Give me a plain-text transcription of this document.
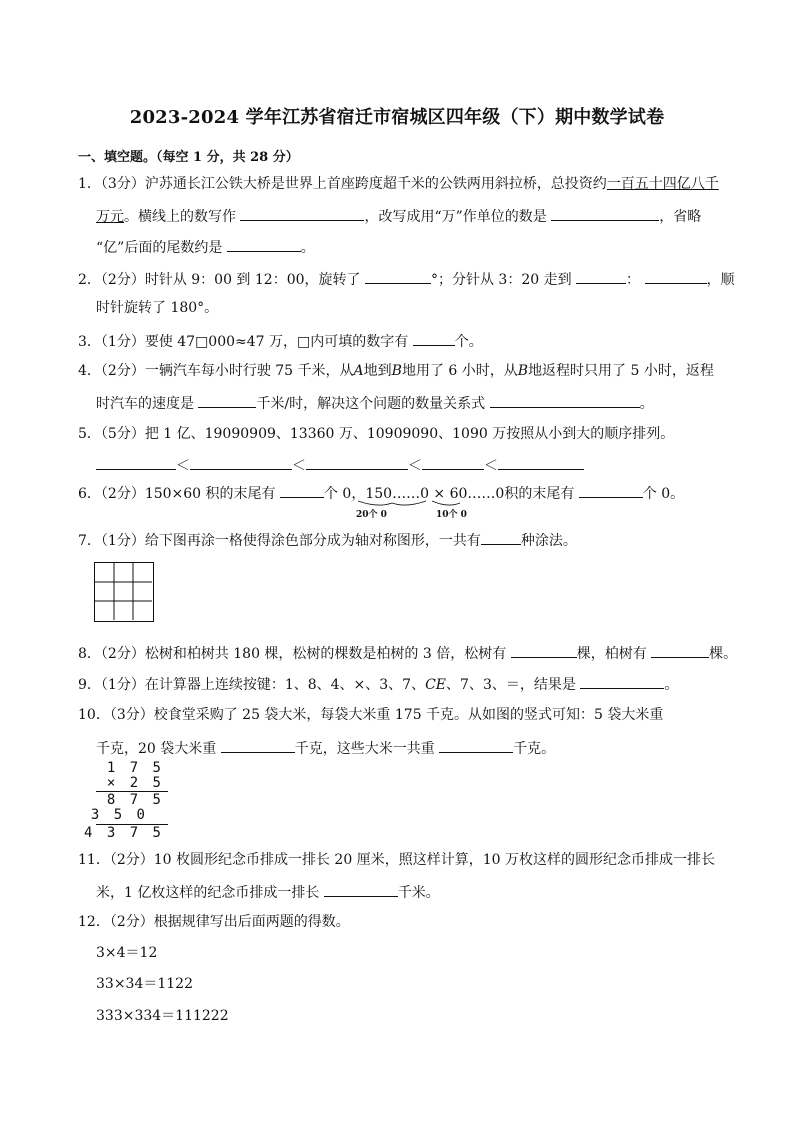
2023-2024 学年江苏省宿迁市宿城区四年级（下）期中数学试卷
一、填空题。（每空 1 分，共 28 分）
1．（3分）沪苏通长江公铁大桥是世界上首座跨度超千米的公铁两用斜拉桥，总投资约一百五十四亿八千
万元。横线上的数写作	，改写成用“万”作单位的数是	，省略
“亿”后面的尾数约是	。
2．（2分）时针从 9：00 到 12：00，旋转了	°；分针从 3：20 走到	：	，顺
时针旋转了 180°。
3．（1分）要使 47□000≈47 万，□内可填的数字有	个。
4．（2分）一辆汽车每小时行驶 75 千米，从A地到B地用了 6 小时，从B地返程时只用了 5 小时，返程
时汽车的速度是	千米/时，解决这个问题的数量关系式	。
5．（5分）把 1 亿、19090909、13360 万、10909090、1090 万按照从小到大的顺序排列。
＜	＜	＜	＜
6．（2分）150×60 积的末尾有	个 0，150……0 × 60……0积的末尾有	个 0。
20个 0	10个 0
7．（1分）给下图再涂一格使得涂色部分成为轴对称图形，一共有	种涂法。
8．（2分）松树和柏树共 180 棵，松树的棵数是柏树的 3 倍，松树有	棵，柏树有	棵。
9．（1分）在计算器上连续按键：1、8、4、×、3、7、CE、7、3、＝，结果是	。
10．（3分）校食堂采购了 25 袋大米，每袋大米重 175 千克。从如图的竖式可知：5 袋大米重
千克，20 袋大米重	千克，这些大米一共重	千克。
1 7 5
× 2 5
8 7 5
3 5 0
4 3 7 5
11．（2分）10 枚圆形纪念币排成一排长 20 厘米，照这样计算，10 万枚这样的圆形纪念币排成一排长
米，1 亿枚这样的纪念币排成一排长	千米。
12．（2分）根据规律写出后面两题的得数。
3×4＝12
33×34＝1122
333×334＝111222
